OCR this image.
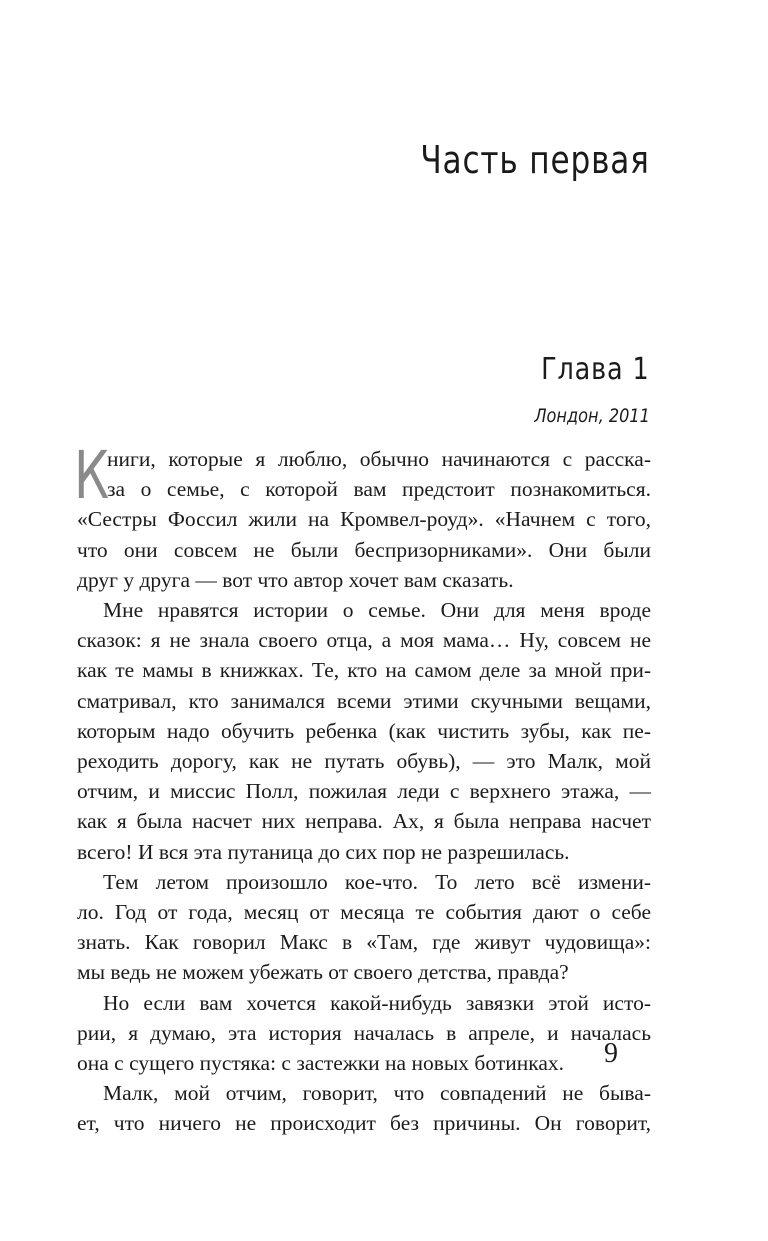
Часть первая
Глава 1
Лондон, 2011
К
ниги, которые я люблю, обычно начинаются с расска-
за о семье, с которой вам предстоит познакомиться.
«Сестры Фоссил жили на Кромвел-роуд». «Начнем с того,
что они совсем не были беспризорниками». Они были
друг у друга — вот что автор хочет вам сказать.
Мне нравятся истории о семье. Они для меня вроде
сказок: я не знала своего отца, а моя мама… Ну, совсем не
как те мамы в книжках. Те, кто на самом деле за мной при-
сматривал, кто занимался всеми этими скучными вещами,
которым надо обучить ребенка (как чистить зубы, как пе-
реходить дорогу, как не путать обувь), — это Малк, мой
отчим, и миссис Полл, пожилая леди с верхнего этажа, —
как я была насчет них неправа. Ах, я была неправа насчет
всего! И вся эта путаница до сих пор не разрешилась.
Тем летом произошло кое-что. То лето всё измени-
ло. Год от года, месяц от месяца те события дают о себе
знать. Как говорил Макс в «Там, где живут чудовища»:
мы ведь не можем убежать от своего детства, правда?
Но если вам хочется какой-нибудь завязки этой исто-
рии, я думаю, эта история началась в апреле, и началась
она с сущего пустяка: с застежки на новых ботинках.
Малк, мой отчим, говорит, что совпадений не быва-
ет, что ничего не происходит без причины. Он говорит,
9
